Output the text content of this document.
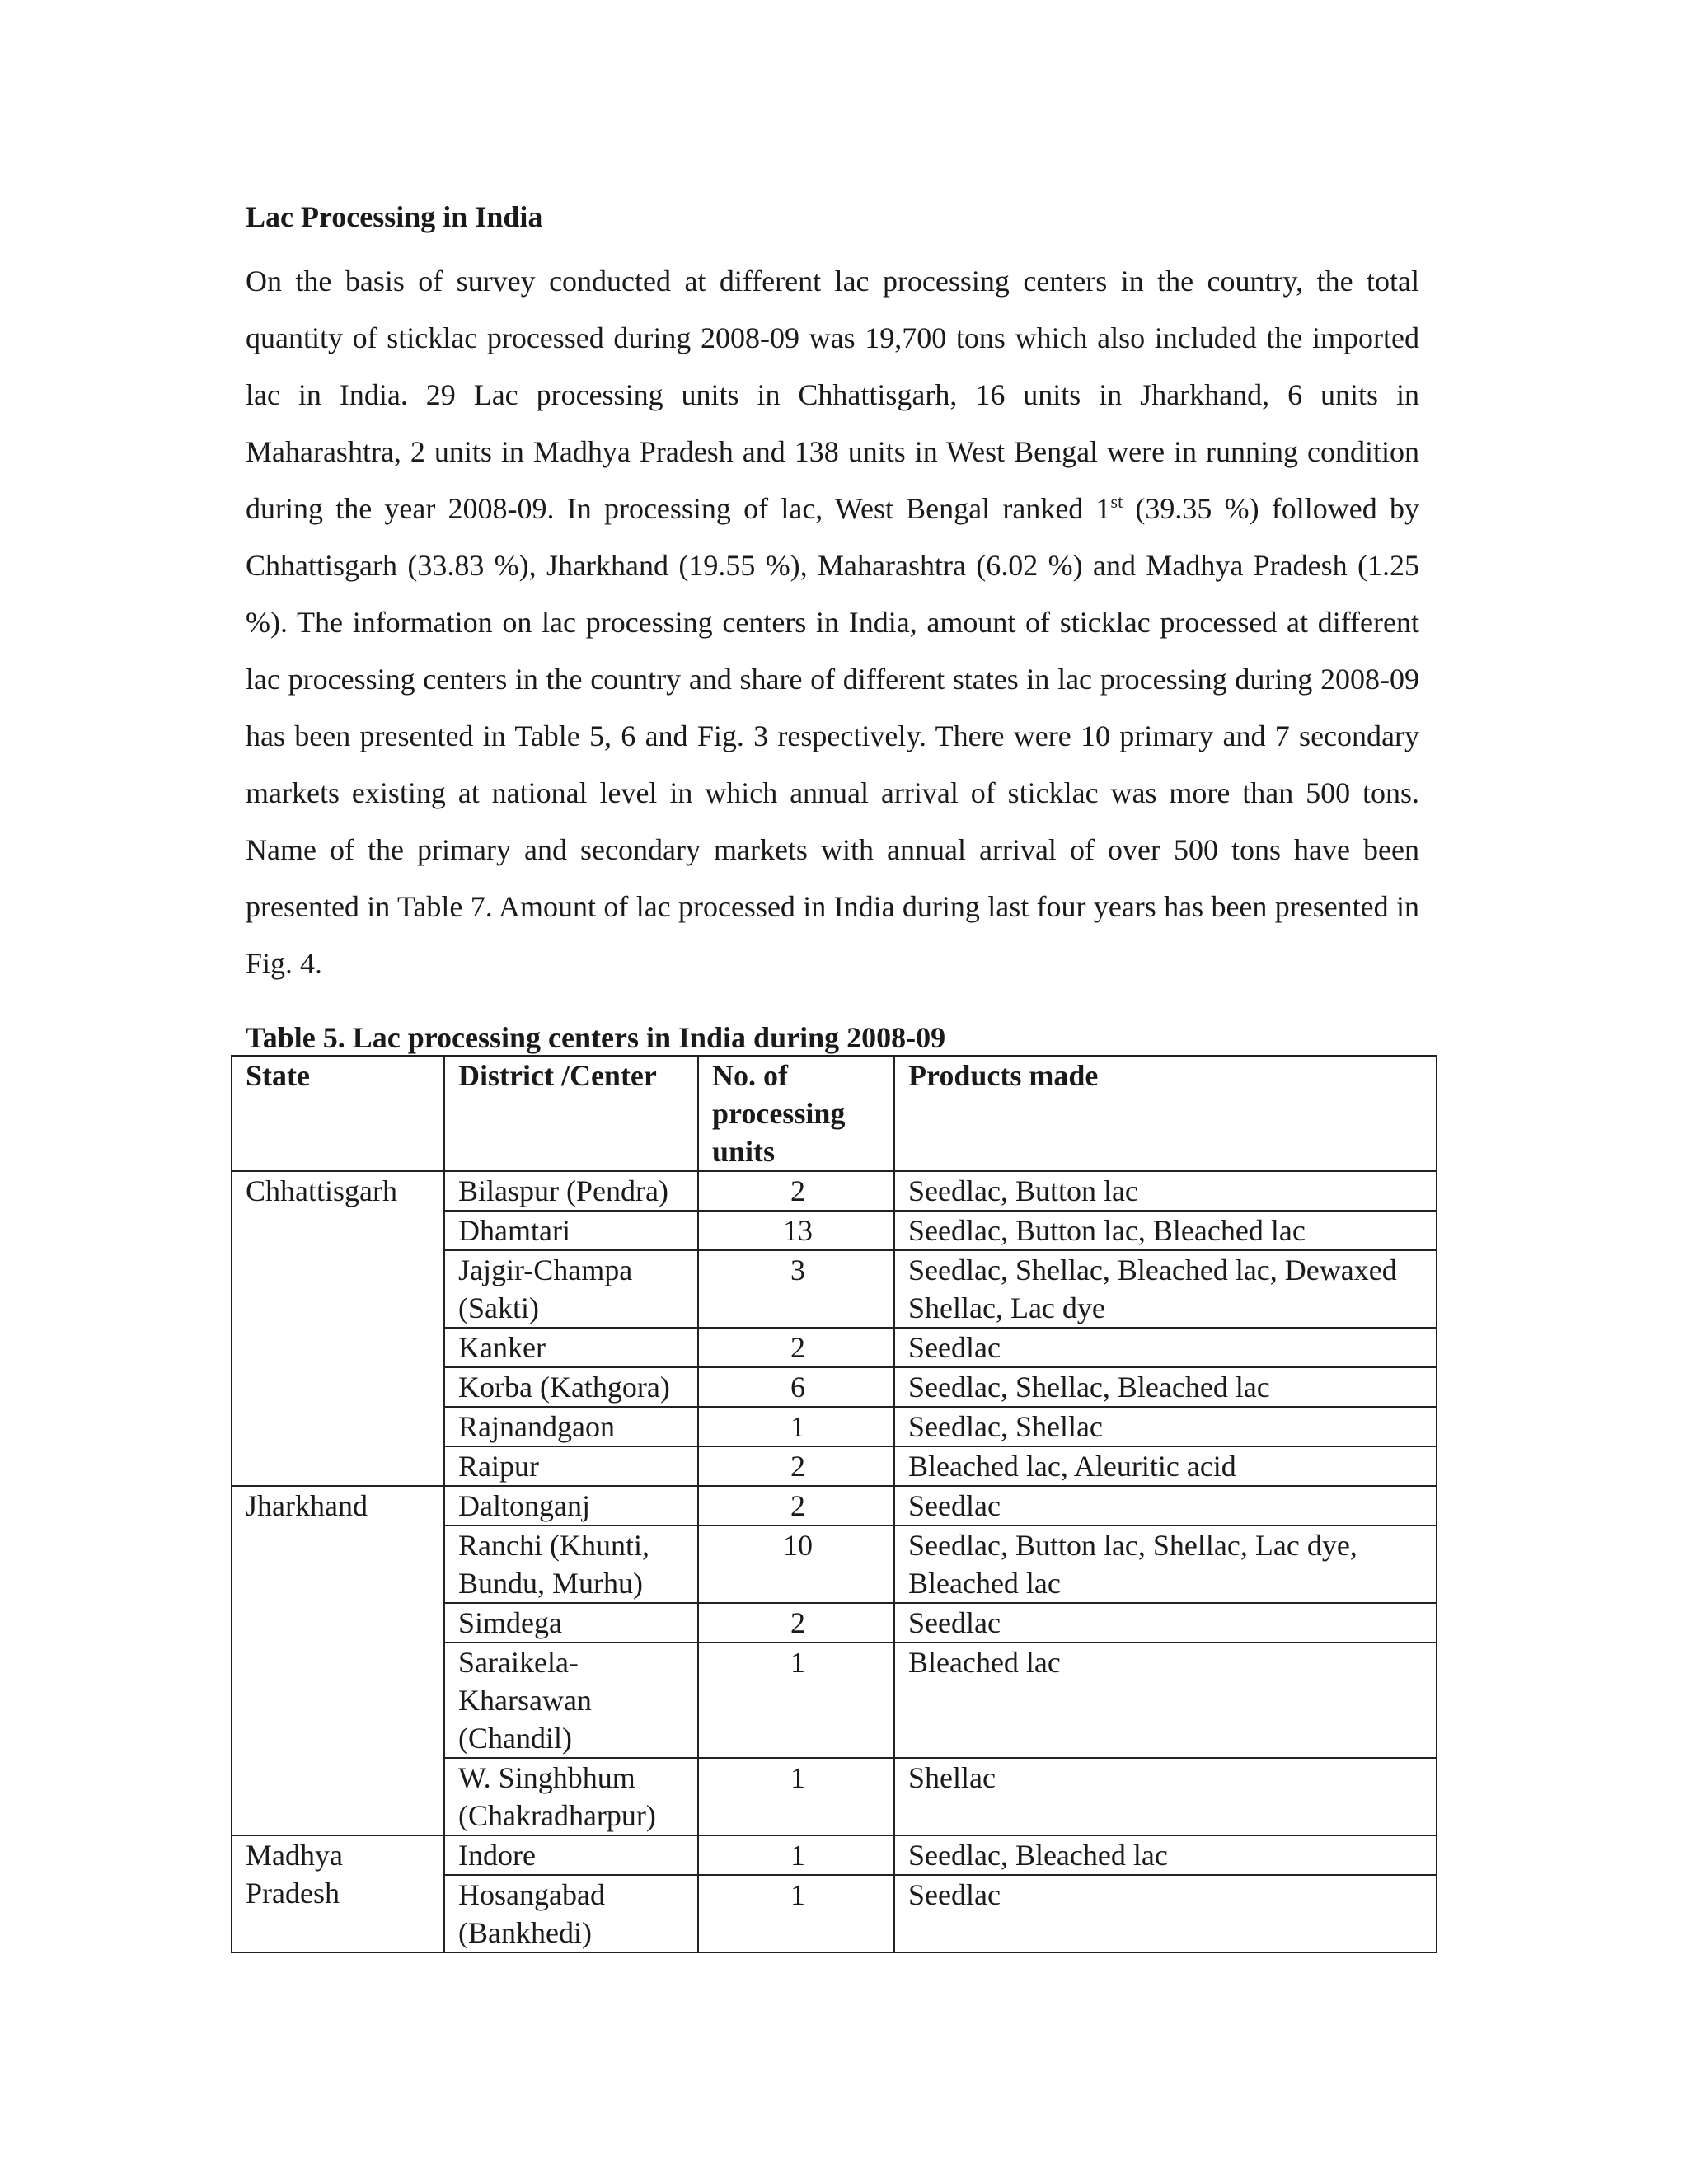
Lac Processing in India

On the basis of survey conducted at different lac processing centers in the country, the total quantity of sticklac processed during 2008-09 was 19,700 tons which also included the imported lac in India. 29 Lac processing units in Chhattisgarh, 16 units in Jharkhand, 6 units in Maharashtra, 2 units in Madhya Pradesh and 138 units in West Bengal were in running condition during the year 2008-09. In processing of lac, West Bengal ranked 1st (39.35 %) followed by Chhattisgarh (33.83 %), Jharkhand (19.55 %), Maharashtra (6.02 %) and Madhya Pradesh (1.25 %). The information on lac processing centers in India, amount of sticklac processed at different lac processing centers in the country and share of different states in lac processing during 2008-09 has been presented in Table 5, 6 and Fig. 3 respectively. There were 10 primary and 7 secondary markets existing at national level in which annual arrival of sticklac was more than 500 tons. Name of the primary and secondary markets with annual arrival of over 500 tons have been presented in Table 7. Amount of lac processed in India during last four years has been presented in Fig. 4.

Table 5. Lac processing centers in India during 2008-09
State	District /Center	No. of processing units	Products made
Chhattisgarh	Bilaspur (Pendra)	2	Seedlac, Button lac
	Dhamtari	13	Seedlac, Button lac, Bleached lac
	Jajgir-Champa (Sakti)	3	Seedlac, Shellac, Bleached lac, Dewaxed Shellac, Lac dye
	Kanker	2	Seedlac
	Korba (Kathgora)	6	Seedlac, Shellac, Bleached lac
	Rajnandgaon	1	Seedlac, Shellac
	Raipur	2	Bleached lac, Aleuritic acid
Jharkhand	Daltonganj	2	Seedlac
	Ranchi (Khunti, Bundu, Murhu)	10	Seedlac, Button lac, Shellac, Lac dye, Bleached lac
	Simdega	2	Seedlac
	Saraikela-Kharsawan (Chandil)	1	Bleached lac
	W. Singhbhum (Chakradharpur)	1	Shellac
Madhya Pradesh	Indore	1	Seedlac, Bleached lac
	Hosangabad (Bankhedi)	1	Seedlac
